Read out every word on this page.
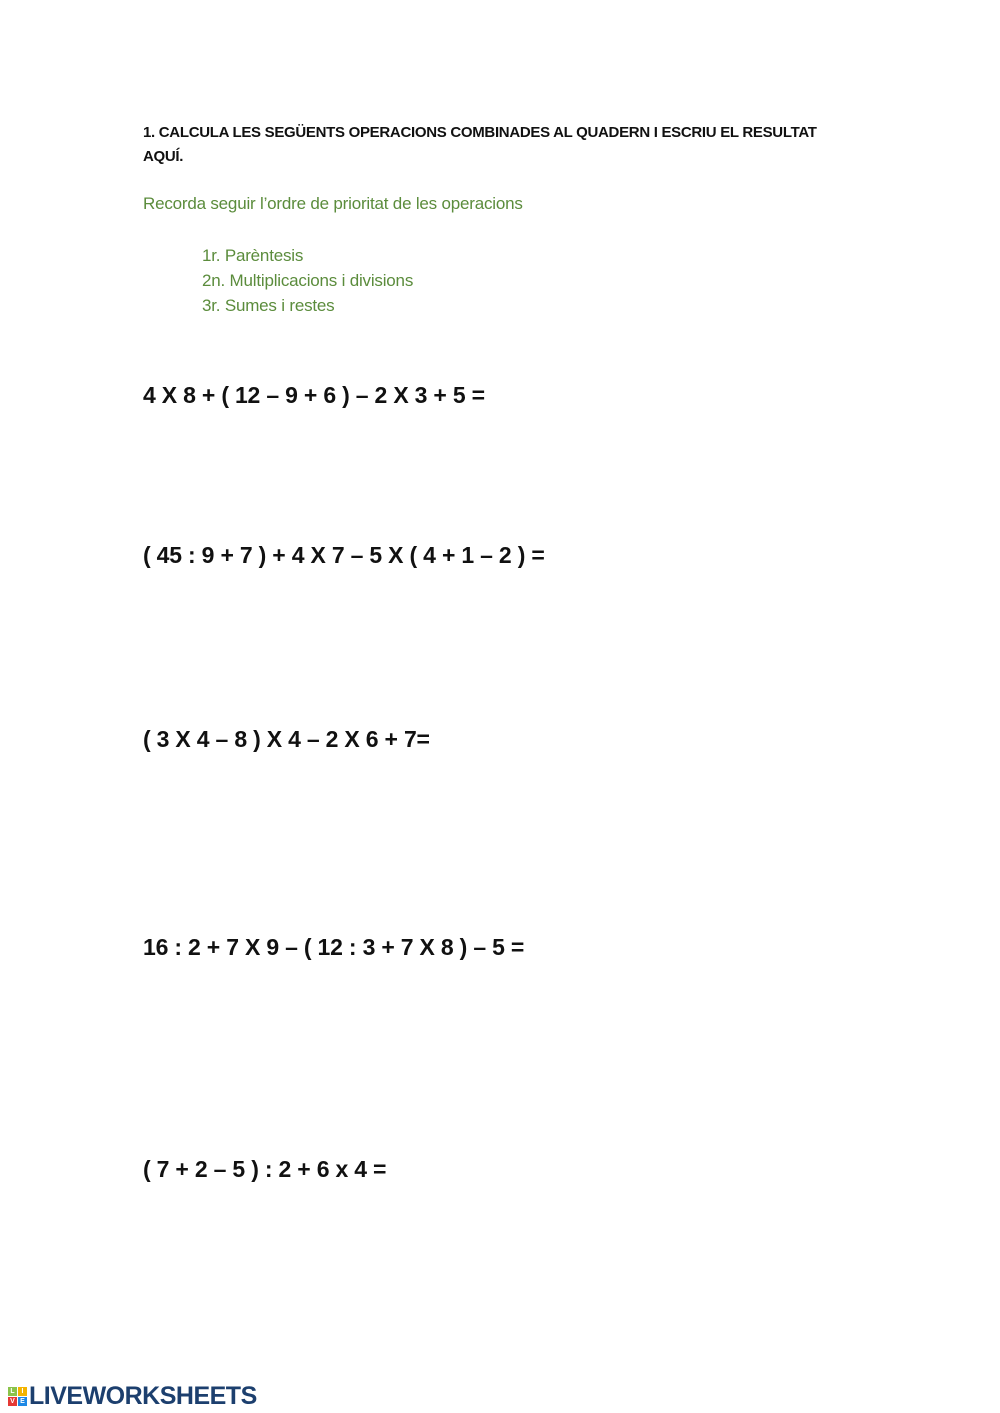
1. CALCULA LES SEGÜENTS OPERACIONS COMBINADES AL QUADERN I ESCRIU EL RESULTAT AQUÍ.
Recorda seguir l’ordre de prioritat de les operacions
1r. Parèntesis
2n. Multiplicacions i divisions
3r. Sumes i restes
4 X 8 + ( 12 – 9 + 6 ) – 2 X 3 + 5 =
( 45 : 9 + 7 ) + 4 X 7 – 5 X ( 4 + 1 – 2 ) =
( 3 X 4 – 8 ) X 4 – 2 X 6 + 7=
16 : 2 + 7 X 9 – ( 12 : 3 + 7 X 8 ) – 5 =
( 7 + 2 – 5 ) : 2 + 6 x 4 =
L I
V E LIVEWORKSHEETS
